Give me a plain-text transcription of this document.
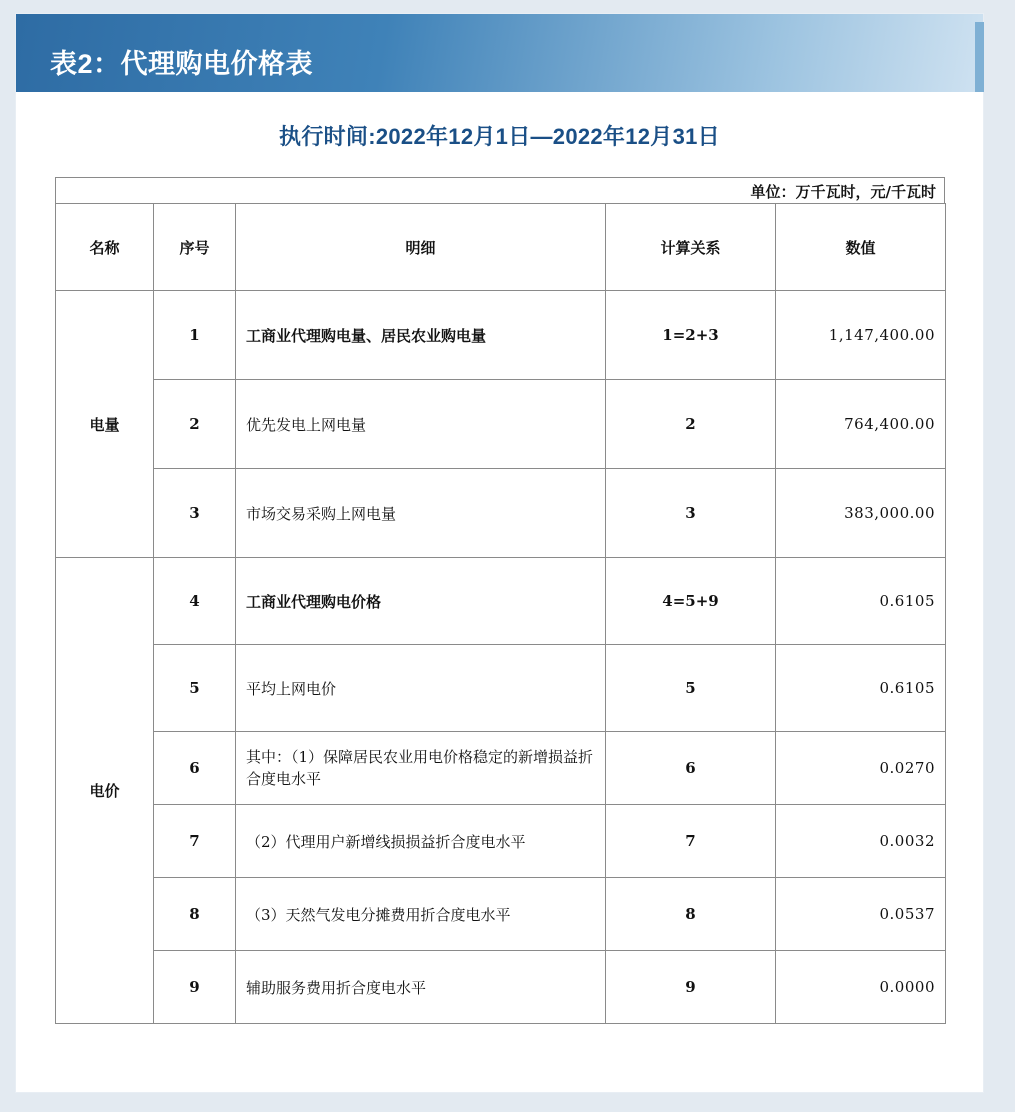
表2：代理购电价格表
执行时间:2022年12月1日—2022年12月31日
单位：万千瓦时，元/千瓦时
名称	序号	明细	计算关系	数值
电量	1	工商业代理购电量、居民农业购电量	1=2+3	1,147,400.00
	2	优先发电上网电量	2	764,400.00
	3	市场交易采购上网电量	3	383,000.00
电价	4	工商业代理购电价格	4=5+9	0.6105
	5	平均上网电价	5	0.6105
	6	其中：（1）保障居民农业用电价格稳定的新增损益折合度电水平	6	0.0270
	7	（2）代理用户新增线损损益折合度电水平	7	0.0032
	8	（3）天然气发电分摊费用折合度电水平	8	0.0537
	9	辅助服务费用折合度电水平	9	0.0000
